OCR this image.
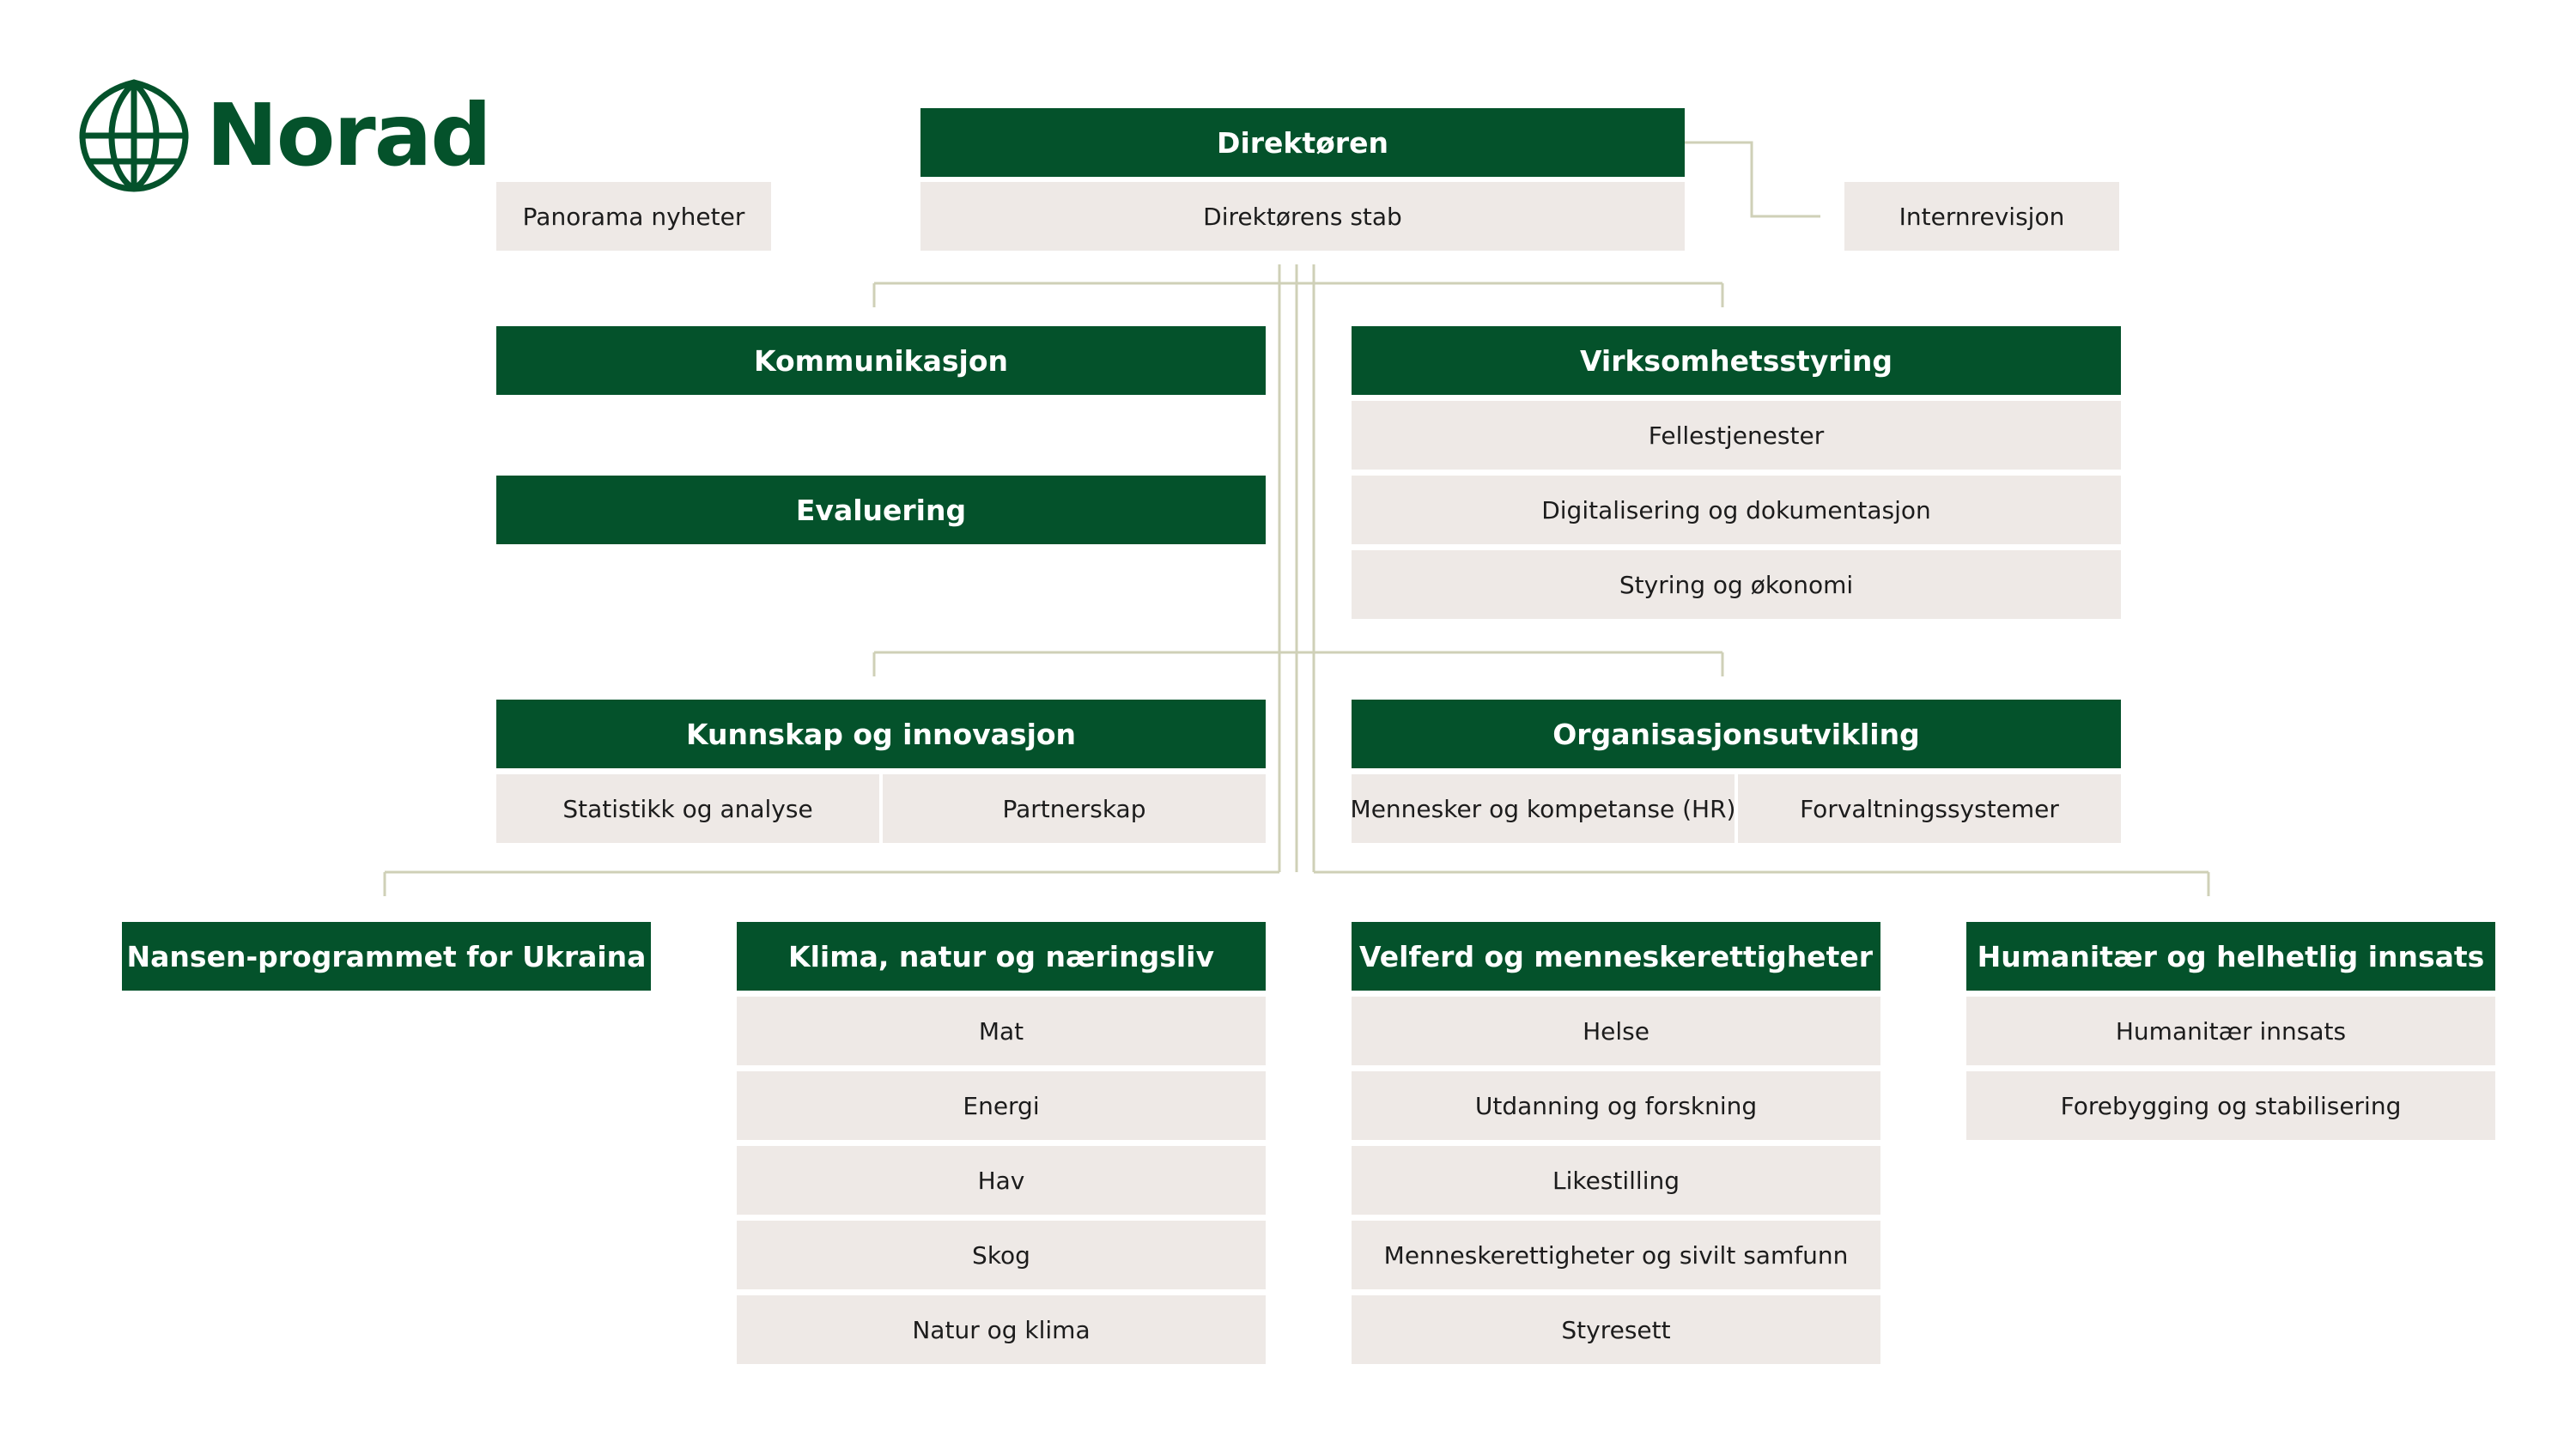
Norad	Direktøren
Direktørens stab
Panorama nyheter	Internrevisjon
Kommunikasjon
Evaluering
Virksomhetsstyring
Fellestjenester
Digitalisering og dokumentasjon
Styring og økonomi
Kunnskap og innovasjon
Statistikk og analyse	Partnerskap
Organisasjonsutvikling
Mennesker og kompetanse (HR)	Forvaltningssystemer
Nansen-programmet for Ukraina	Klima, natur og næringsliv
Mat
Energi
Hav
Skog
Natur og klima
Velferd og menneskerettigheter
Helse
Utdanning og forskning
Likestilling
Menneskerettigheter og sivilt samfunn
Styresett
Humanitær og helhetlig innsats
Humanitær innsats
Forebygging og stabilisering
